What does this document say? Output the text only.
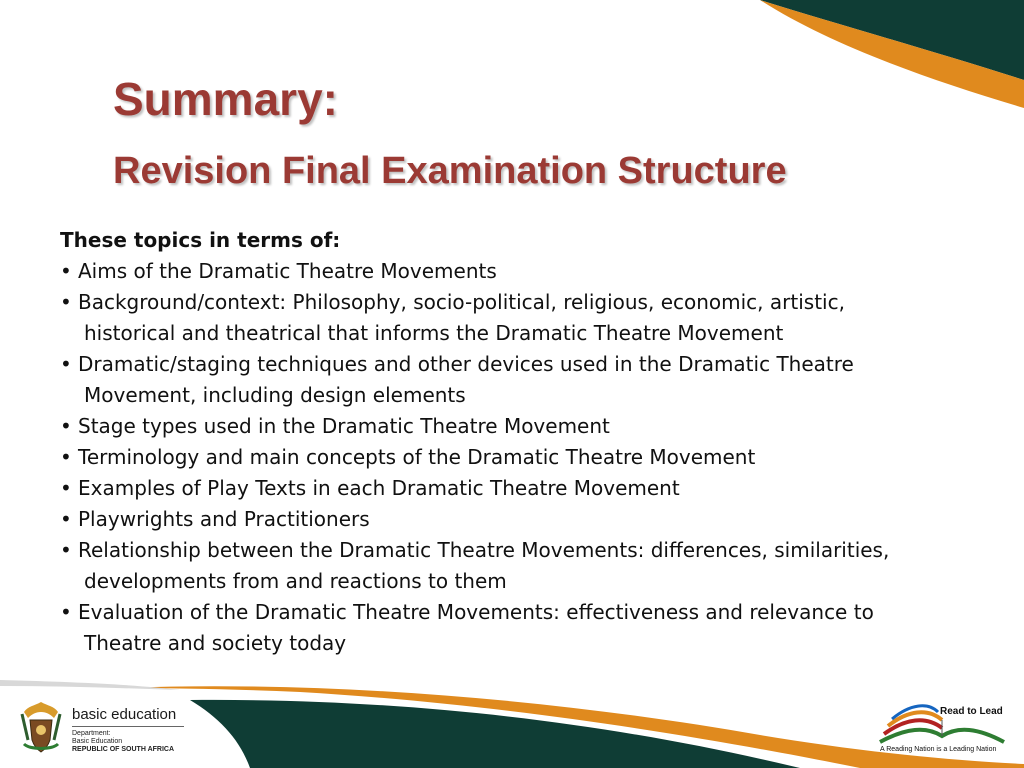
Summary:
Revision Final Examination Structure

These topics in terms of:

• Aims of the Dramatic Theatre Movements
• Background/context: Philosophy, socio-political, religious, economic, artistic,
historical and theatrical that informs the Dramatic Theatre Movement
• Dramatic/staging techniques and other devices used in the Dramatic Theatre
Movement, including design elements
• Stage types used in the Dramatic Theatre Movement
• Terminology and main concepts of the Dramatic Theatre Movement
• Examples of Play Texts in each Dramatic Theatre Movement
• Playwrights and Practitioners
• Relationship between the Dramatic Theatre Movements: differences, similarities,
developments from and reactions to them
• Evaluation of the Dramatic Theatre Movements: effectiveness and relevance to
Theatre and society today
basic education
Department:
Basic Education
REPUBLIC OF SOUTH AFRICA
Read to Lead
A Reading Nation is a Leading Nation
